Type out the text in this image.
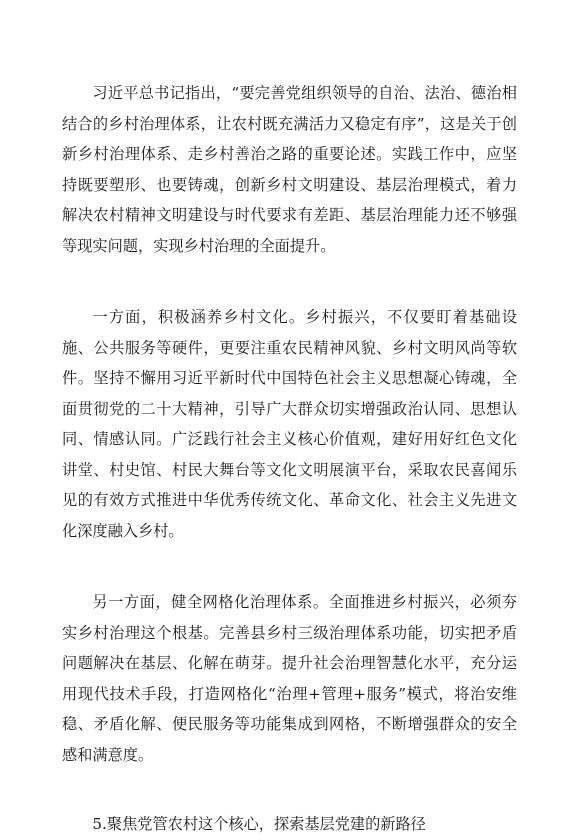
习近平总书记指出，“要完善党组织领导的自治、法治、德治相结合的乡村治理体系，让农村既充满活力又稳定有序”，这是关于创新乡村治理体系、走乡村善治之路的重要论述。实践工作中，应坚持既要塑形、也要铸魂，创新乡村文明建设、基层治理模式，着力解决农村精神文明建设与时代要求有差距、基层治理能力还不够强等现实问题，实现乡村治理的全面提升。

一方面，积极涵养乡村文化。乡村振兴，不仅要盯着基础设施、公共服务等硬件，更要注重农民精神风貌、乡村文明风尚等软件。坚持不懈用习近平新时代中国特色社会主义思想凝心铸魂，全面贯彻党的二十大精神，引导广大群众切实增强政治认同、思想认同、情感认同。广泛践行社会主义核心价值观，建好用好红色文化讲堂、村史馆、村民大舞台等文化文明展演平台，采取农民喜闻乐见的有效方式推进中华优秀传统文化、革命文化、社会主义先进文化深度融入乡村。

另一方面，健全网格化治理体系。全面推进乡村振兴，必须夯实乡村治理这个根基。完善县乡村三级治理体系功能，切实把矛盾问题解决在基层、化解在萌芽。提升社会治理智慧化水平，充分运用现代技术手段，打造网格化“治理+管理+服务”模式，将治安维稳、矛盾化解、便民服务等功能集成到网格，不断增强群众的安全感和满意度。

5.聚焦党管农村这个核心，探索基层党建的新路径
